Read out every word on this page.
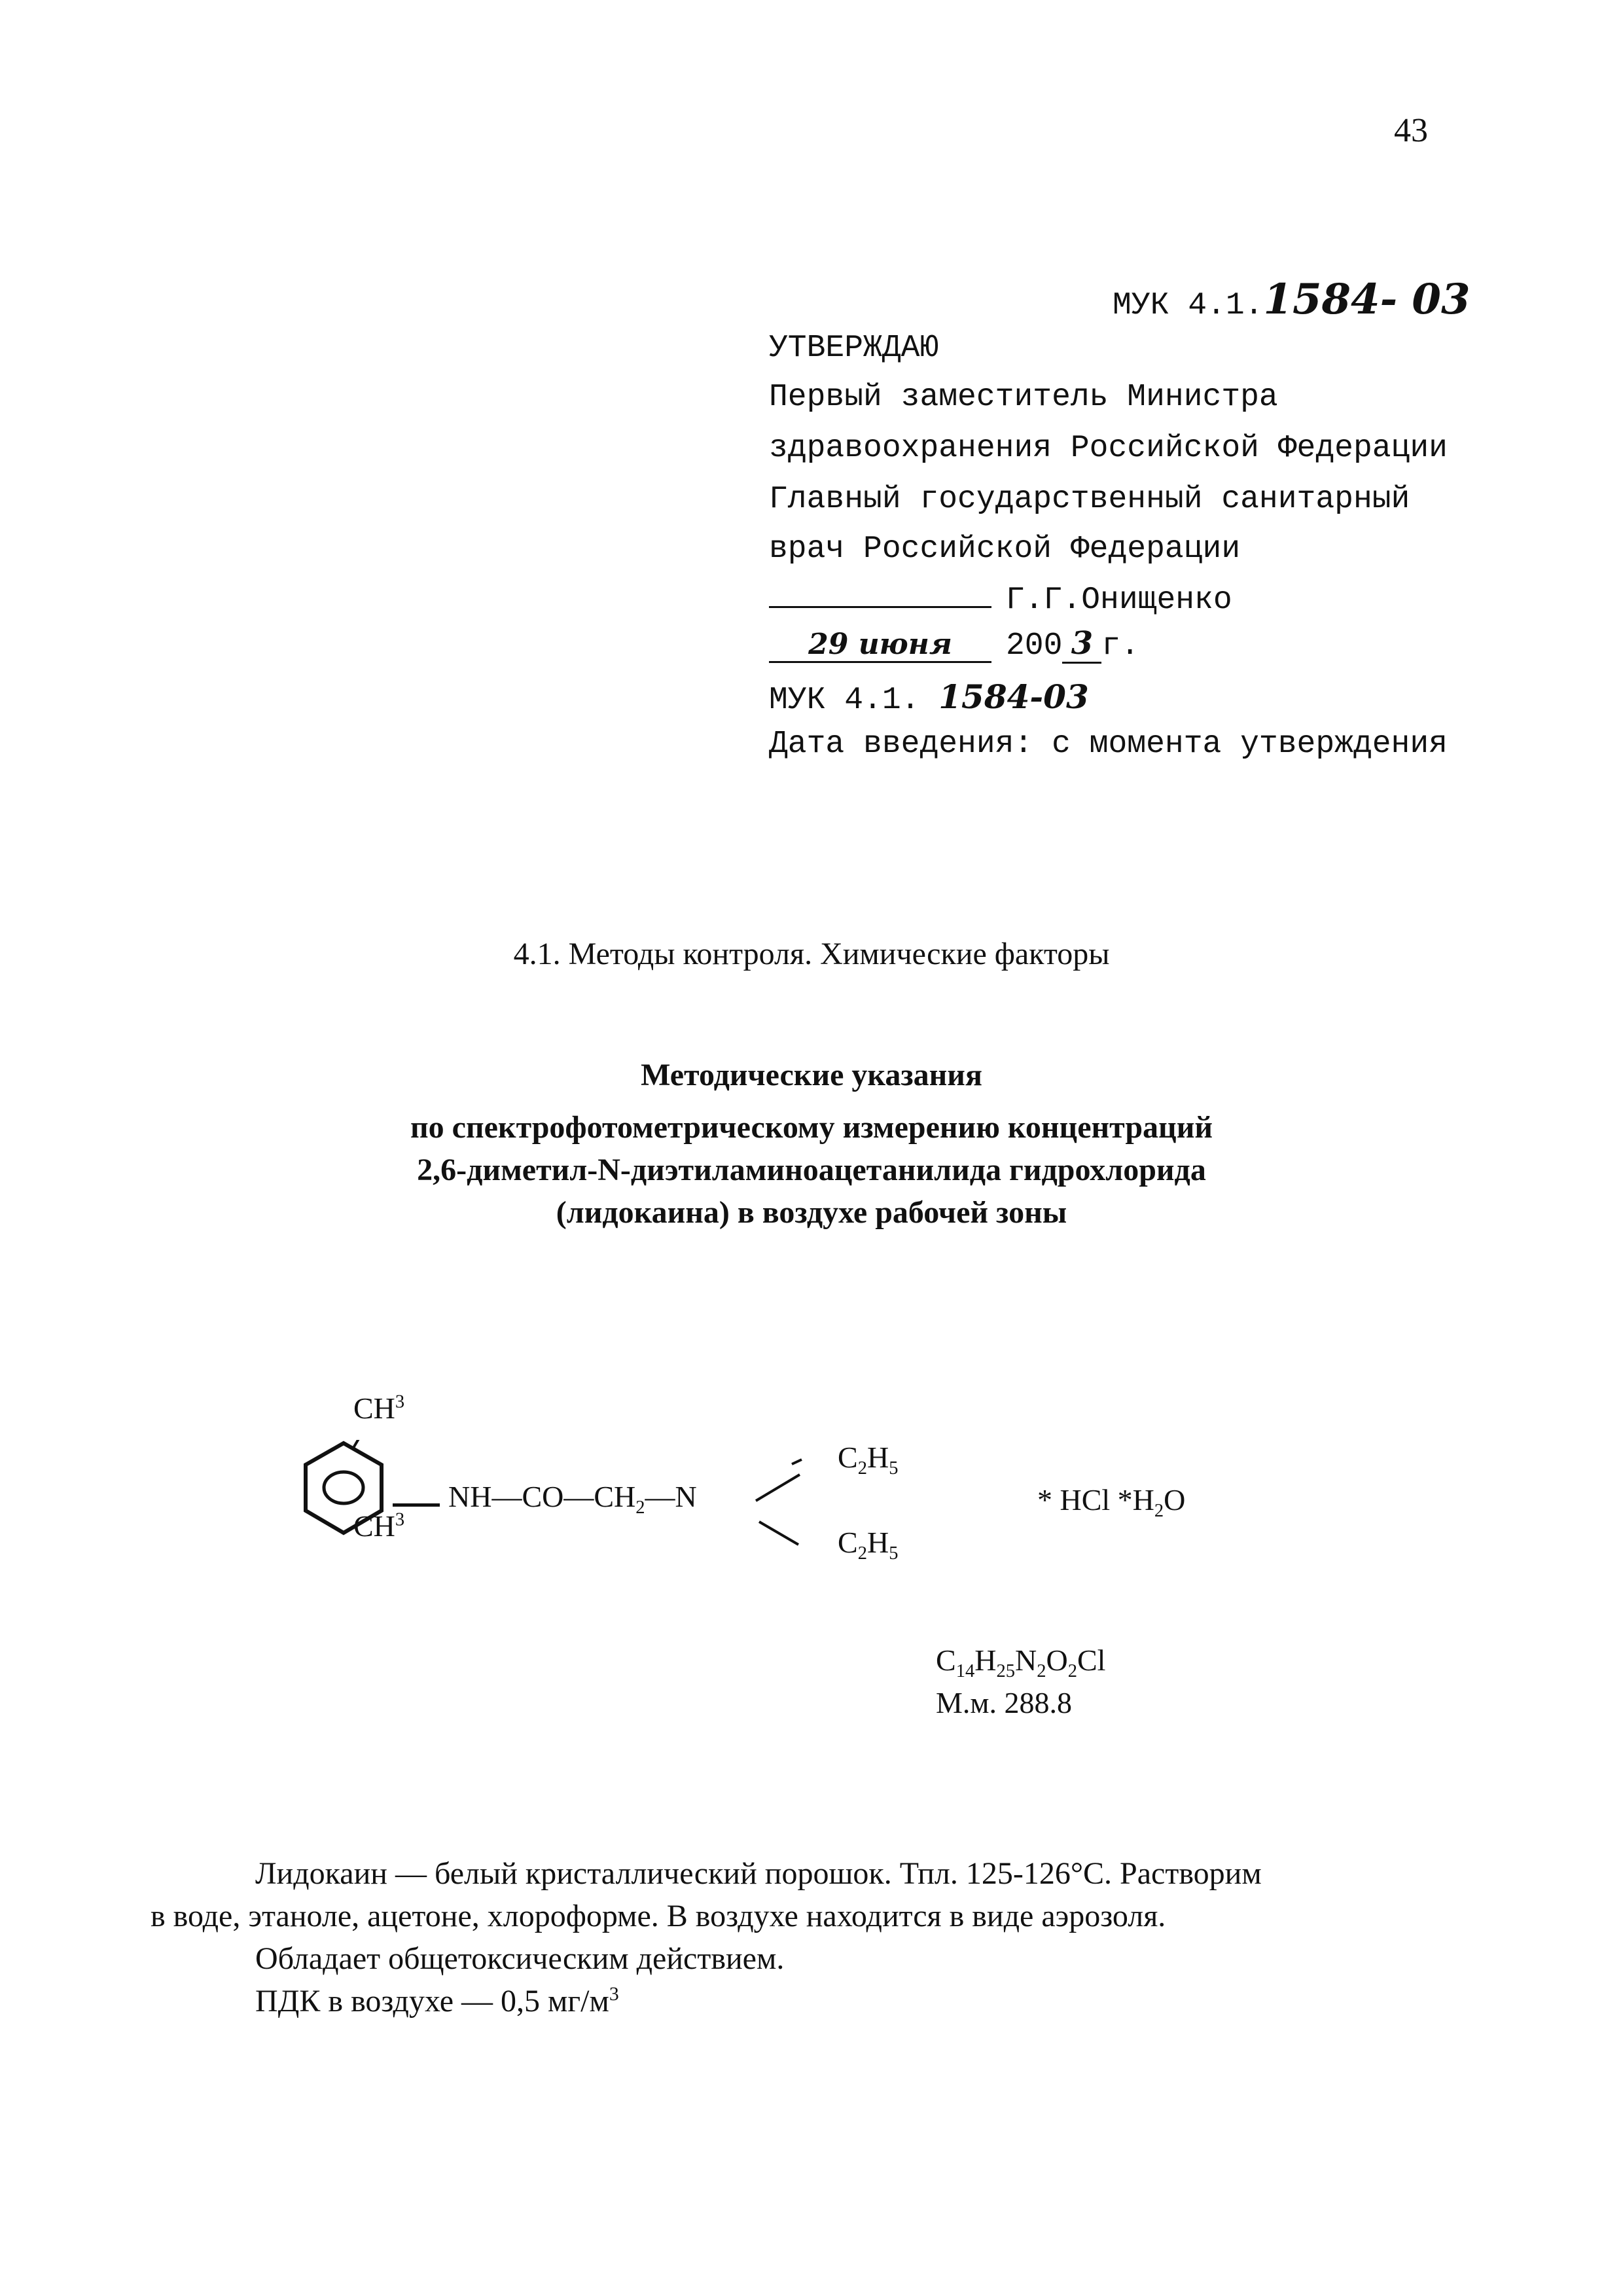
43
МУК 4.1.1584- 03
УТВЕРЖДАЮ
Первый заместитель Министра
здравоохранения Российской Федерации
Главный государственный санитарный
врач Российской Федерации
Г.Г.Онищенко
29 июня 200 3 г.
МУК 4.1. 1584-03
Дата введения: с момента утверждения
4.1. Методы контроля. Химические факторы
Методические указания
по спектрофотометрическому измерению концентраций
2,6-диметил-N-диэтиламиноацетанилида гидрохлорида
(лидокаина) в воздухе рабочей зоны
$CH^3$
$CH^3$
$NH—CO—CH_2—N$
$C_2H_5$
$C_2H_5$
* HCl $*H_2O$
$C_{14}H_{25}N_2O_2Cl$
М.м. 288.8
Лидокаин — белый кристаллический порошок. Тпл. 125-126°С. Растворим
в воде, этаноле, ацетоне, хлороформе. В воздухе находится в виде аэрозоля.
Обладает общетоксическим действием.
ПДК в воздухе — 0,5 $мг/м^3$
